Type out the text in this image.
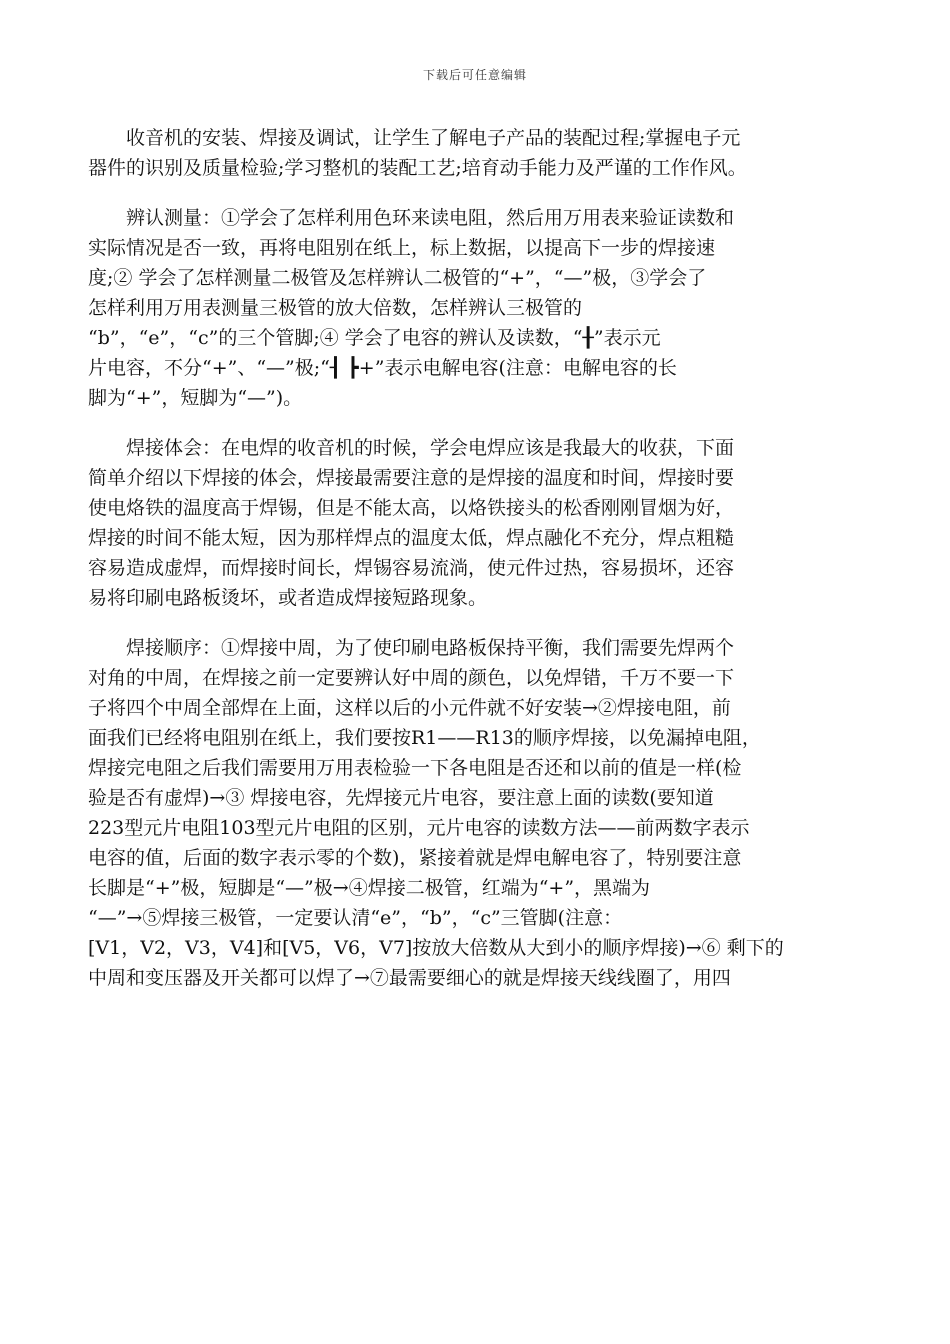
下载后可任意编辑
　　收音机的安装、焊接及调试，让学生了解电子产品的装配过程;掌握电子元
器件的识别及质量检验;学习整机的装配工艺;培育动手能力及严谨的工作作风。
　　辨认测量：①学会了怎样利用色环来读电阻，然后用万用表来验证读数和
实际情况是否一致，再将电阻别在纸上，标上数据，以提高下一步的焊接速
度;② 学会了怎样测量二极管及怎样辨认二极管的“+”，“—”极，③学会了
怎样利用万用表测量三极管的放大倍数，怎样辨认三极管的
“b”，“e”，“c”的三个管脚;④ 学会了电容的辨认及读数，“╂”表示元
片电容，不分“+”、“—”极;“┨ ┣+”表示电解电容(注意：电解电容的长
脚为“+”，短脚为“—”)。
　　焊接体会：在电焊的收音机的时候，学会电焊应该是我最大的收获，下面
简单介绍以下焊接的体会，焊接最需要注意的是焊接的温度和时间，焊接时要
使电烙铁的温度高于焊锡，但是不能太高，以烙铁接头的松香刚刚冒烟为好，
焊接的时间不能太短，因为那样焊点的温度太低，焊点融化不充分，焊点粗糙
容易造成虚焊，而焊接时间长，焊锡容易流淌，使元件过热，容易损坏，还容
易将印刷电路板烫坏，或者造成焊接短路现象。
　　焊接顺序：①焊接中周，为了使印刷电路板保持平衡，我们需要先焊两个
对角的中周，在焊接之前一定要辨认好中周的颜色，以免焊错，千万不要一下
子将四个中周全部焊在上面，这样以后的小元件就不好安装→②焊接电阻，前
面我们已经将电阻别在纸上，我们要按R1——R13的顺序焊接，以免漏掉电阻，
焊接完电阻之后我们需要用万用表检验一下各电阻是否还和以前的值是一样(检
验是否有虚焊)→③ 焊接电容，先焊接元片电容，要注意上面的读数(要知道
223型元片电阻103型元片电阻的区别，元片电容的读数方法——前两数字表示
电容的值，后面的数字表示零的个数)，紧接着就是焊电解电容了，特别要注意
长脚是“+”极，短脚是“—”极→④焊接二极管，红端为“+”，黑端为
“—”→⑤焊接三极管，一定要认清“e”，“b”，“c”三管脚(注意：
[V1，V2，V3，V4]和[V5，V6，V7]按放大倍数从大到小的顺序焊接)→⑥ 剩下的
中周和变压器及开关都可以焊了→⑦最需要细心的就是焊接天线线圈了，用四
